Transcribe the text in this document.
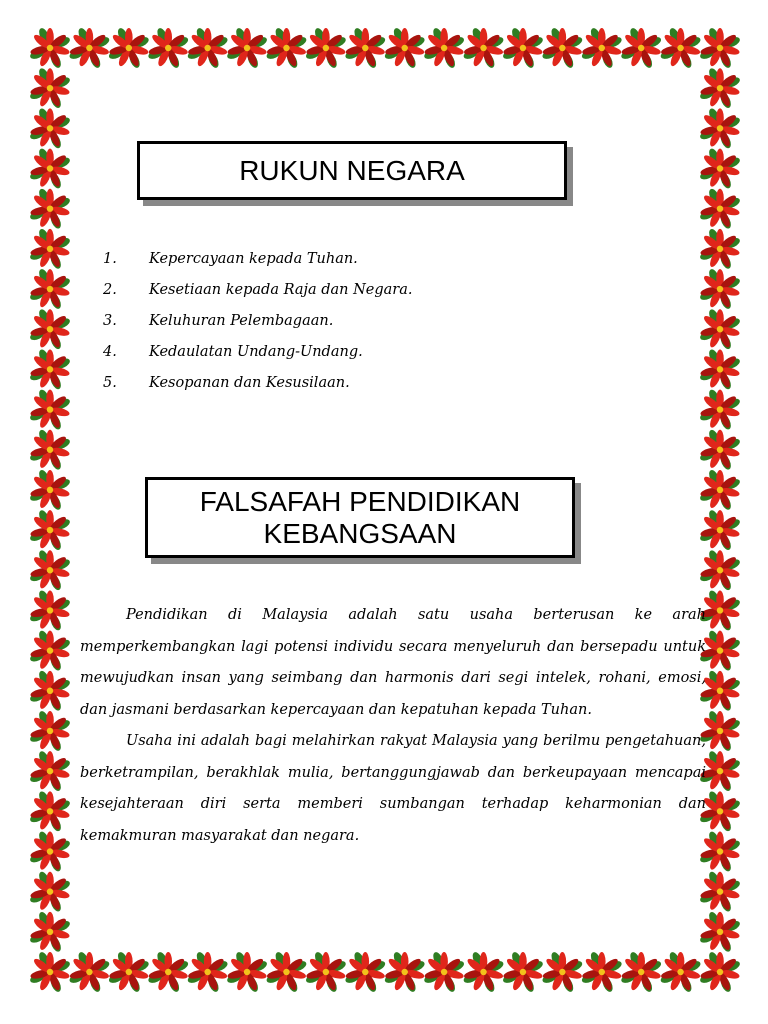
RUKUN NEGARA
1. Kepercayaan kepada Tuhan.
2. Kesetiaan kepada Raja dan Negara.
3. Keluhuran Pelembagaan.
4. Kedaulatan Undang-Undang.
5. Kesopanan dan Kesusilaan.
FALSAFAH PENDIDIKAN
KEBANGSAAN

Pendidikan di Malaysia adalah satu usaha berterusan ke arah memperkembangkan lagi potensi individu secara menyeluruh dan bersepadu untuk mewujudkan insan yang seimbang dan harmonis dari segi intelek, rohani, emosi, dan jasmani berdasarkan kepercayaan dan kepatuhan kepada Tuhan.

Usaha ini adalah bagi melahirkan rakyat Malaysia yang berilmu pengetahuan, berketrampilan, berakhlak mulia, bertanggungjawab dan berkeupayaan mencapai kesejahteraan diri serta memberi sumbangan terhadap keharmonian dan kemakmuran masyarakat dan negara.
